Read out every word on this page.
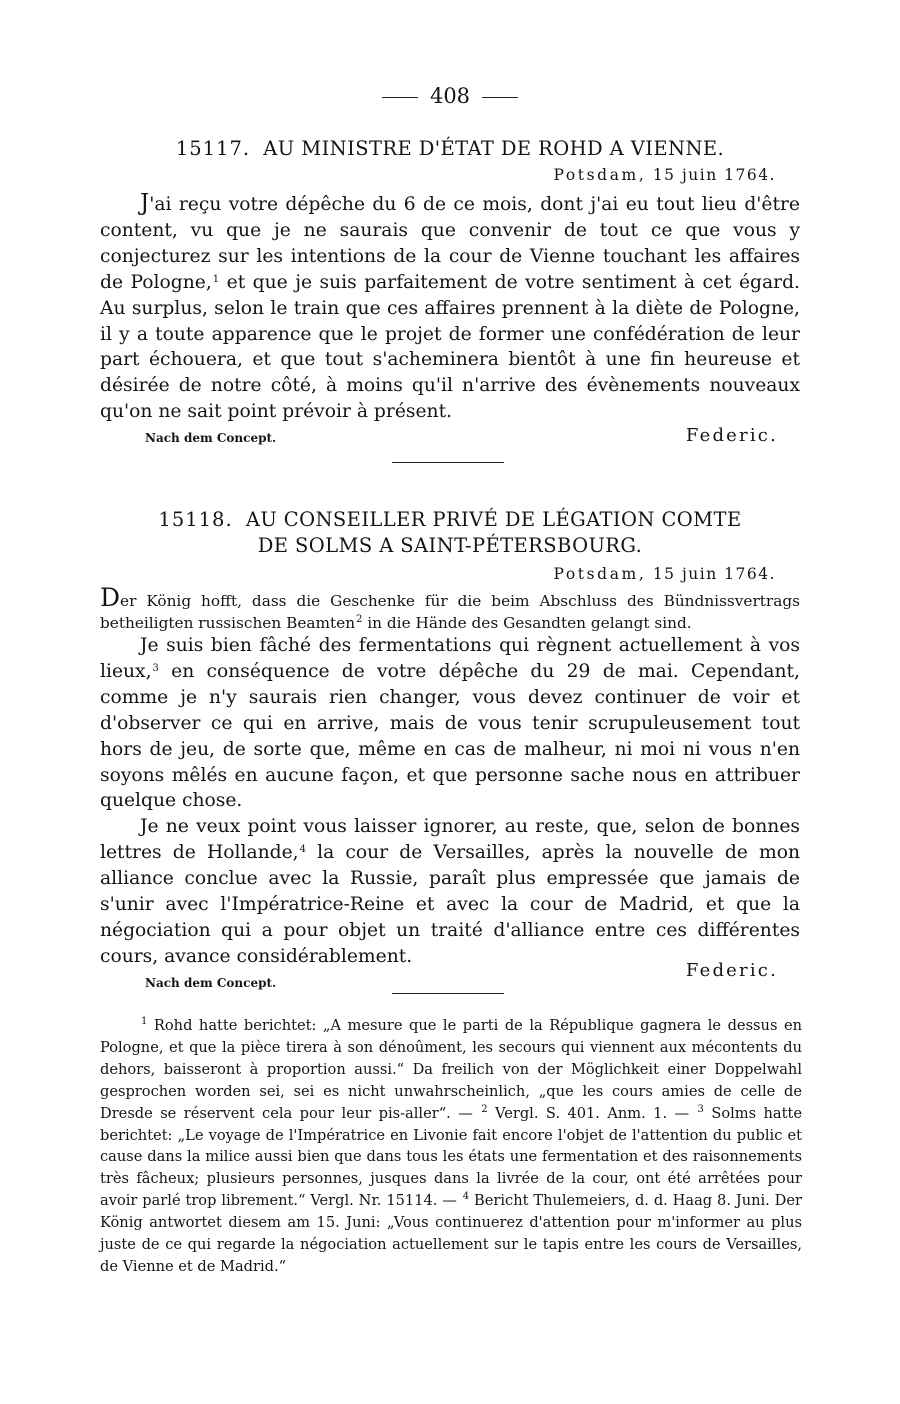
408
15117. AU MINISTRE D'ÉTAT DE ROHD A VIENNE.
Potsdam, 15 juin 1764.

J'ai reçu votre dépêche du 6 de ce mois, dont j'ai eu tout lieu d'être content, vu que je ne saurais que convenir de tout ce que vous y conjecturez sur les intentions de la cour de Vienne touchant les affaires de Pologne,$^1$ et que je suis parfaitement de votre sentiment à cet égard. Au surplus, selon le train que ces affaires prennent à la diète de Pologne, il y a toute apparence que le projet de former une confédération de leur part échouera, et que tout s'acheminera bientôt à une fin heureuse et désirée de notre côté, à moins qu'il n'arrive des évènements nouveaux qu'on ne sait point prévoir à présent.

Nach dem Concept.	Federic.
15118. AU CONSEILLER PRIVÉ DE LÉGATION COMTE
DE SOLMS A SAINT-PÉTERSBOURG.
Potsdam, 15 juin 1764.

Der König hofft, dass die Geschenke für die beim Abschluss des Bündnissvertrags betheiligten russischen Beamten$^2$ in die Hände des Gesandten gelangt sind.

Je suis bien fâché des fermentations qui règnent actuellement à vos lieux,$^3$ en conséquence de votre dépêche du 29 de mai. Cependant, comme je n'y saurais rien changer, vous devez continuer de voir et d'observer ce qui en arrive, mais de vous tenir scrupuleusement tout hors de jeu, de sorte que, même en cas de malheur, ni moi ni vous n'en soyons mêlés en aucune façon, et que personne sache nous en attribuer quelque chose.

Je ne veux point vous laisser ignorer, au reste, que, selon de bonnes lettres de Hollande,$^4$ la cour de Versailles, après la nouvelle de mon alliance conclue avec la Russie, paraît plus empressée que jamais de s'unir avec l'Impératrice-Reine et avec la cour de Madrid, et que la négociation qui a pour objet un traité d'alliance entre ces différentes cours, avance considérablement.

Nach dem Concept.
Federic.

$^1$ Rohd hatte berichtet: „A mesure que le parti de la République gagnera le dessus en Pologne, et que la pièce tirera à son dénoûment, les secours qui viennent aux mécontents du dehors, baisseront à proportion aussi.“ Da freilich von der Möglichkeit einer Doppelwahl gesprochen worden sei, sei es nicht unwahrscheinlich, „que les cours amies de celle de Dresde se réservent cela pour leur pis-aller“. — $^2$ Vergl. S. 401. Anm. 1. — $^3$ Solms hatte berichtet: „Le voyage de l'Impératrice en Livonie fait encore l'objet de l'attention du public et cause dans la milice aussi bien que dans tous les états une fermentation et des raisonnements très fâcheux; plusieurs personnes, jusques dans la livrée de la cour, ont été arrêtées pour avoir parlé trop librement.“ Vergl. Nr. 15114. — $^4$ Bericht Thulemeiers, d. d. Haag 8. Juni. Der König antwortet diesem am 15. Juni: „Vous continuerez d'attention pour m'informer au plus juste de ce qui regarde la négociation actuellement sur le tapis entre les cours de Versailles, de Vienne et de Madrid.“
